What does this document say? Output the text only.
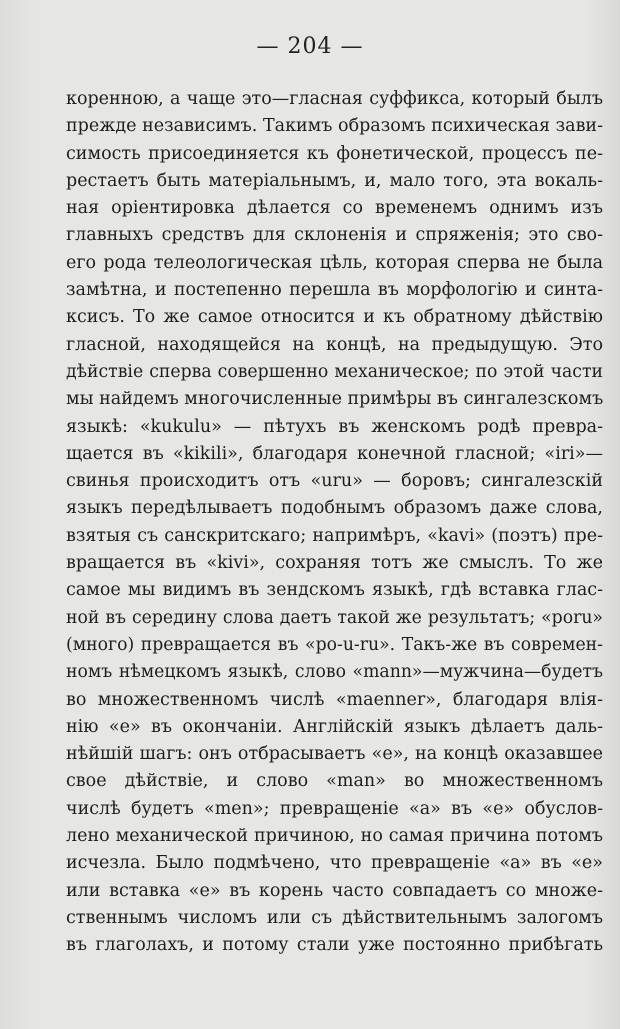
— 204 —
коренною, а чаще это—гласная суффикса, который былъ
прежде независимъ. Такимъ образомъ психическая зави-
симость присоединяется къ фонетической, процессъ пе-
рестаетъ быть матеріальнымъ, и, мало того, эта вокаль-
ная оріентировка дѣлается со временемъ однимъ изъ
главныхъ средствъ для склоненія и спряженія; это сво-
его рода телеологическая цѣль, которая сперва не была
замѣтна, и постепенно перешла въ морфологію и синта-
ксисъ. То же самое относится и къ обратному дѣйствію
гласной, находящейся на концѣ, на предыдущую. Это
дѣйствіе сперва совершенно механическое; по этой части
мы найдемъ многочисленные примѣры въ сингалезскомъ
языкѣ: «kukulu» — пѣтухъ въ женскомъ родѣ превра-
щается въ «kikili», благодаря конечной гласной; «iri»—
свинья происходитъ отъ «uru» — боровъ; сингалезскій
языкъ передѣлываетъ подобнымъ образомъ даже слова,
взятыя съ санскритскаго; напримѣръ, «kavi» (поэтъ) пре-
вращается въ «kivi», сохраняя тотъ же смыслъ. То же
самое мы видимъ въ зендскомъ языкѣ, гдѣ вставка глас-
ной въ середину слова даетъ такой же результатъ; «poru»
(много) превращается въ «po-u-ru». Такъ-же въ современ-
номъ нѣмецкомъ языкѣ, слово «mann»—мужчина—будетъ
во множественномъ числѣ «maenner», благодаря влія-
нію «e» въ окончаніи. Англійскій языкъ дѣлаетъ даль-
нѣйшій шагъ: онъ отбрасываетъ «e», на концѣ оказавшее
свое дѣйствіе, и слово «man» во множественномъ
числѣ будетъ «men»; превращеніе «a» въ «e» обуслов-
лено механической причиною, но самая причина потомъ
исчезла. Было подмѣчено, что превращеніе «a» въ «e»
или вставка «e» въ корень часто совпадаетъ со множе-
ственнымъ числомъ или съ дѣйствительнымъ залогомъ
въ глаголахъ, и потому стали уже постоянно прибѣгать
